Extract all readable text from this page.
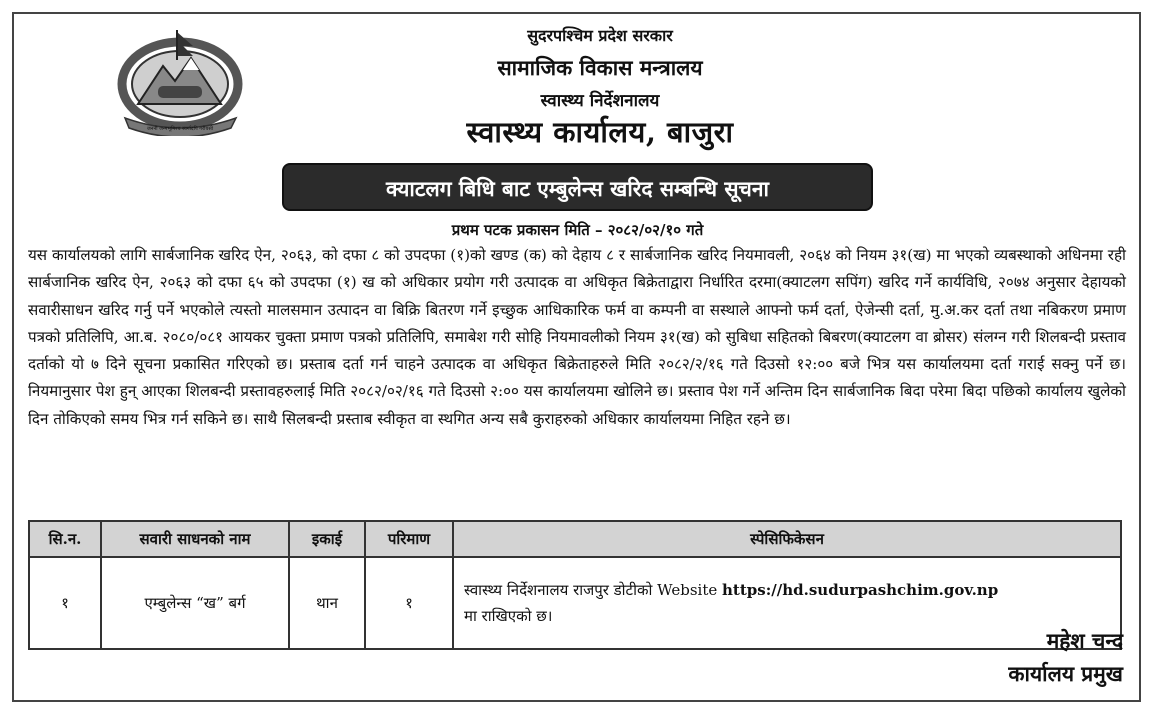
जननी जन्मभूमिश्च स्वर्गादपि गरीयसी
सुदरपश्चिम प्रदेश सरकार
सामाजिक विकास मन्त्रालय
स्वास्थ्य निर्देशनालय
स्वास्थ्य कार्यालय, बाजुरा
क्याटलग बिधि बाट एम्बुलेन्स खरिद सम्बन्धि सूचना
प्रथम पटक प्रकासन मिति – २०८२/०२/१० गते

यस कार्यालयको लागि सार्बजानिक खरिद ऐन, २०६३, को दफा ८ को उपदफा (१)को खण्ड (क) को देहाय ८ र सार्बजानिक खरिद नियमावली, २०६४ को नियम ३१(ख) मा भएको व्यबस्थाको अधिनमा रही सार्बजानिक खरिद ऐन, २०६३ को दफा ६५ को उपदफा (१) ख को अधिकार प्रयोग गरी उत्पादक वा अधिकृत बिक्रेताद्वारा निर्धारित दरमा(क्याटलग सपिंग) खरिद गर्ने कार्यविधि, २०७४ अनुसार देहायको सवारीसाधन खरिद गर्नु पर्ने भएकोले त्यस्तो मालसमान उत्पादन वा बिक्रि बितरण गर्ने इच्छुक आधिकारिक फर्म वा कम्पनी वा सस्थाले आफ्नो फर्म दर्ता, ऐजेन्सी दर्ता, मु.अ.कर दर्ता तथा नबिकरण प्रमाण पत्रको प्रतिलिपि, आ.ब. २०८०/०८१ आयकर चुक्ता प्रमाण पत्रको प्रतिलिपि, समाबेश गरी सोहि नियमावलीको नियम ३१(ख) को सुबिधा सहितको बिबरण(क्याटलग वा ब्रोसर) संलग्न गरी शिलबन्दी प्रस्ताव दर्ताको यो ७ दिने सूचना प्रकासित गरिएको छ। प्रस्ताब दर्ता गर्न चाहने उत्पादक वा अधिकृत बिक्रेताहरुले मिति २०८२/२/१६ गते दिउसो १२:०० बजे भित्र यस कार्यालयमा दर्ता गराई सक्नु पर्ने छ। नियमानुसार पेश हुन् आएका शिलबन्दी प्रस्तावहरुलाई मिति २०८२/०२/१६ गते दिउसो २:०० यस कार्यालयमा खोलिने छ। प्रस्ताव पेश गर्ने अन्तिम दिन सार्बजानिक बिदा परेमा बिदा पछिको कार्यालय खुलेको दिन तोकिएको समय भित्र गर्न सकिने छ। साथै सिलबन्दी प्रस्ताब स्वीकृत वा स्थगित अन्य सबै कुराहरुको अधिकार कार्यालयमा निहित रहने छ।

सि.न.	सवारी साधनको नाम	इकाई	परिमाण	स्पेसिफिकेसन
१	एम्बुलेन्स “ख” बर्ग	थान	१	स्वास्थ्य निर्देशनालय राजपुर डोटीको Website https://hd.sudurpashchim.gov.np
मा राखिएको छ।
महेश चन्द
कार्यालय प्रमुख
